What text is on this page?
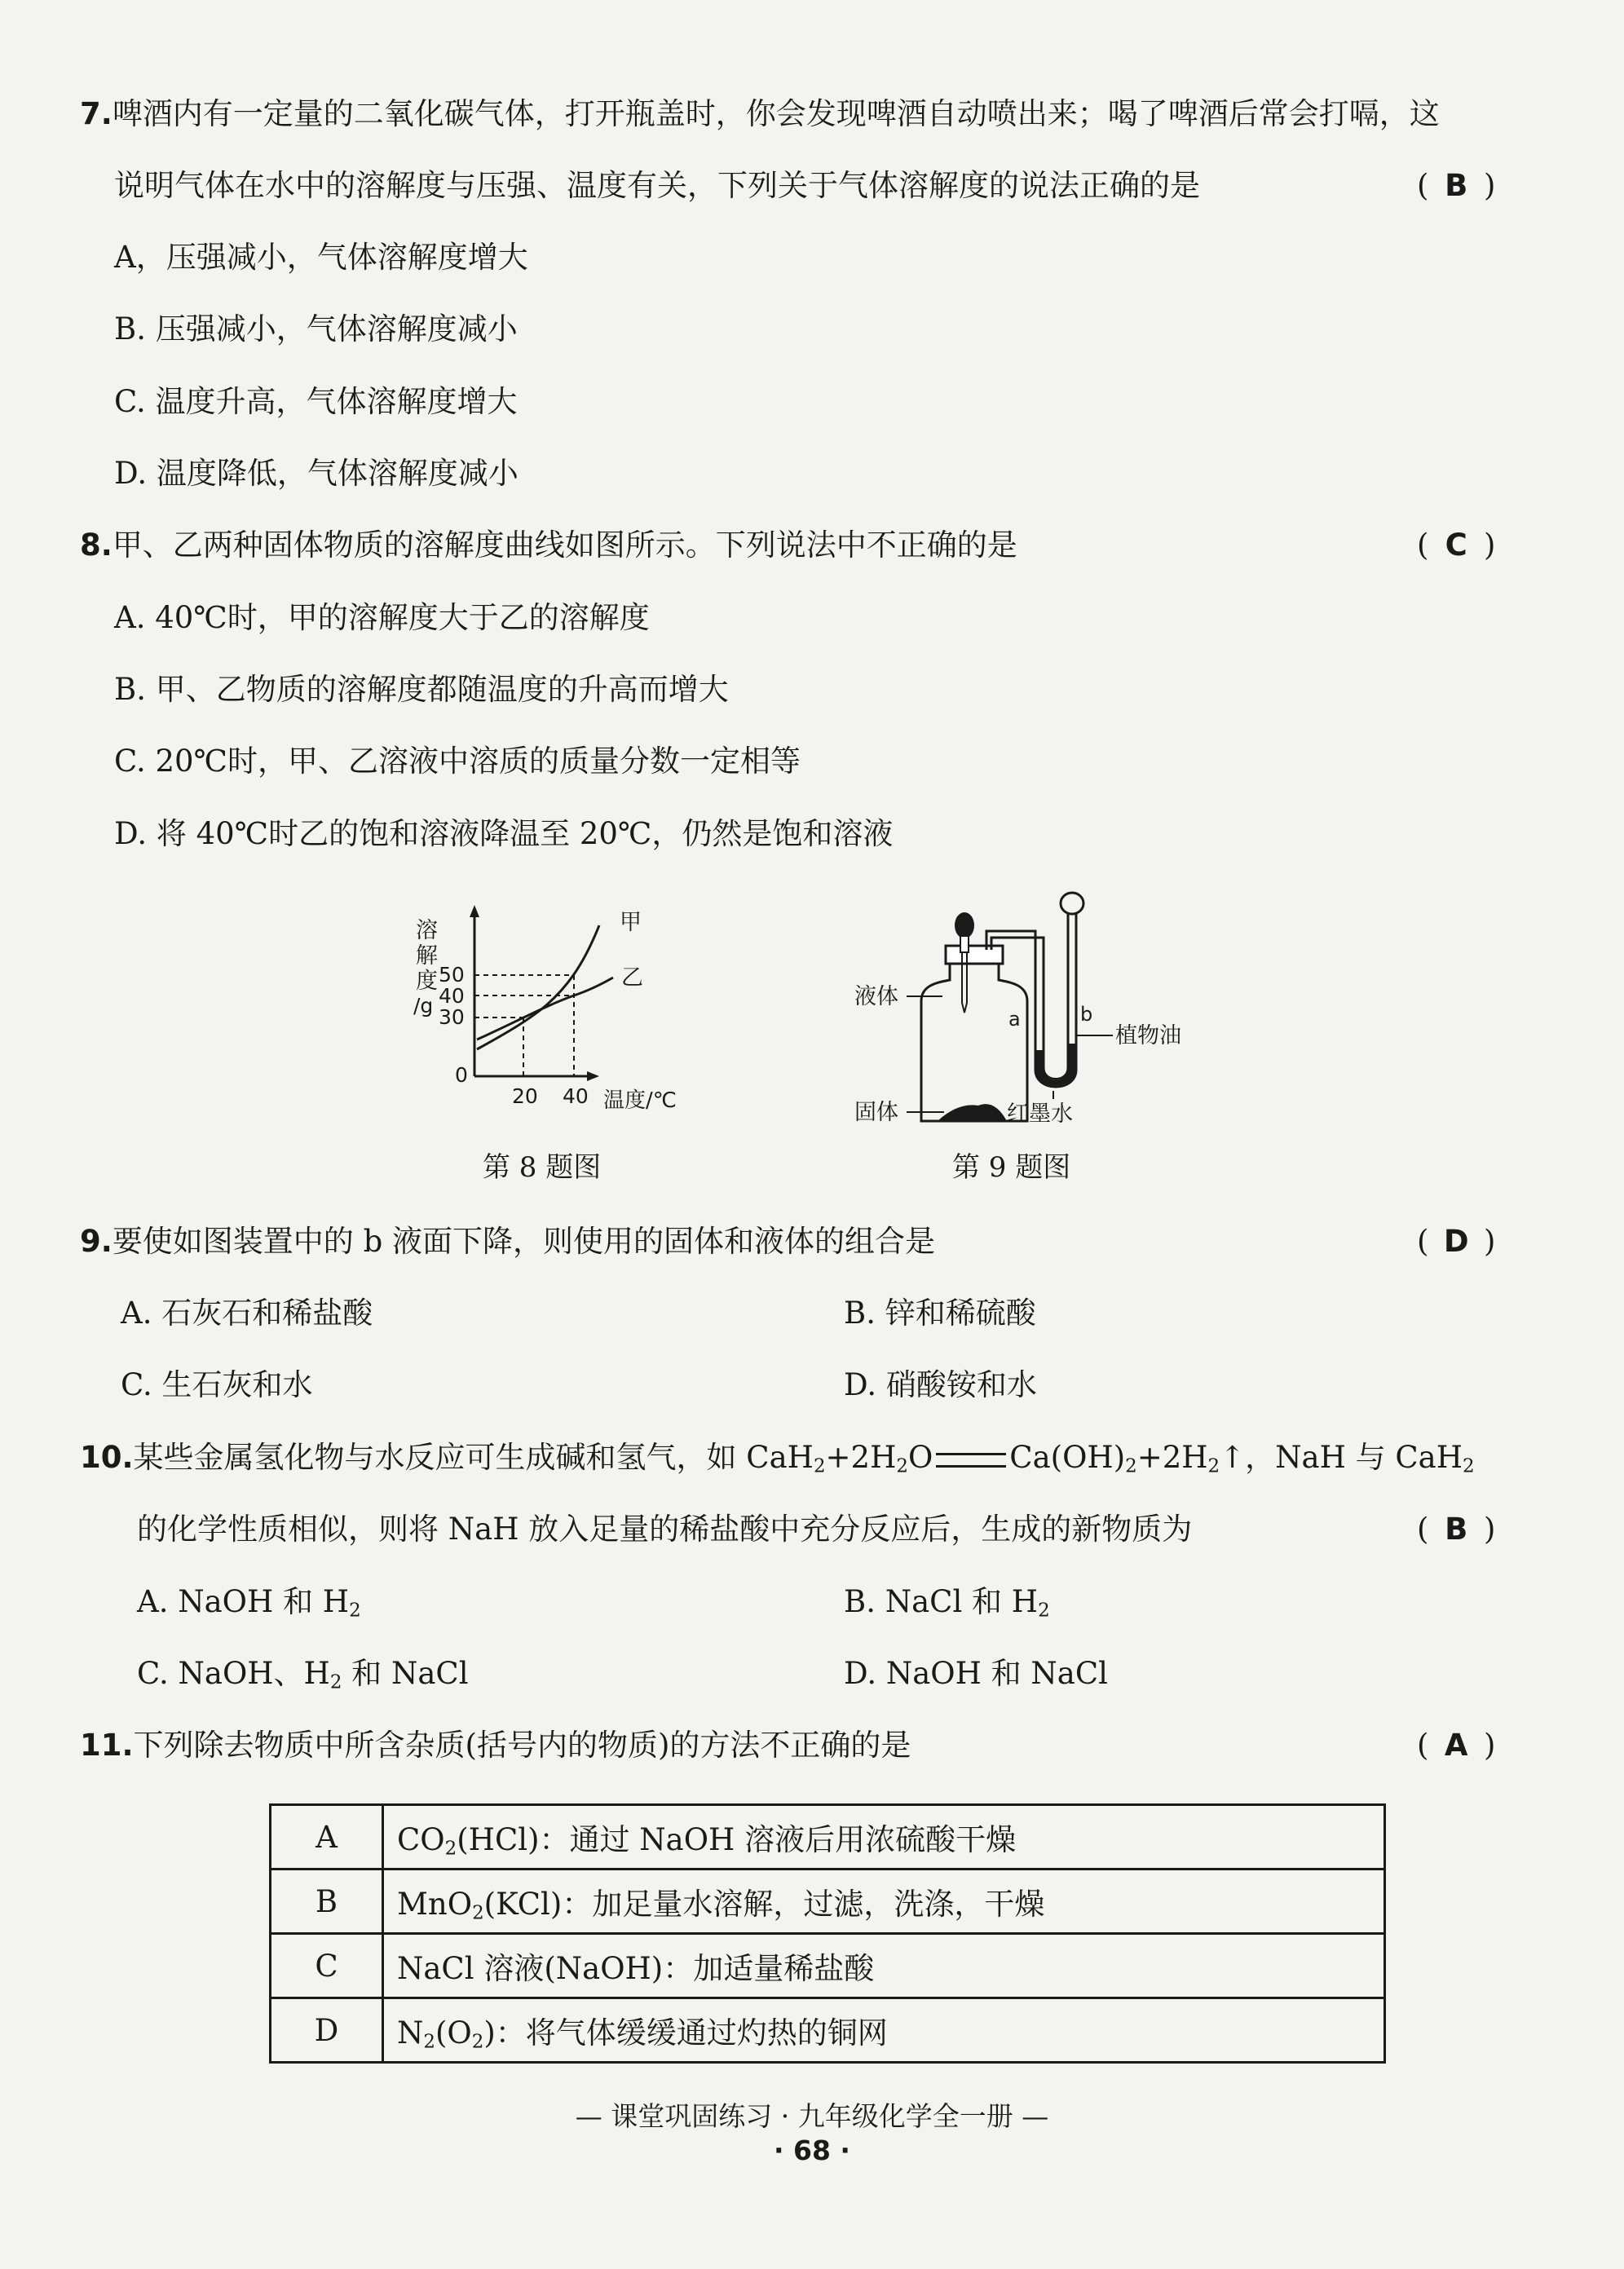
7.啤酒内有一定量的二氧化碳气体，打开瓶盖时，你会发现啤酒自动喷出来；喝了啤酒后常会打嗝，这
说明气体在水中的溶解度与压强、温度有关，下列关于气体溶解度的说法正确的是	( B )
A，压强减小，气体溶解度增大
B. 压强减小，气体溶解度减小
C. 温度升高，气体溶解度增大
D. 温度降低，气体溶解度减小
8.甲、乙两种固体物质的溶解度曲线如图所示。下列说法中不正确的是	( C )
A. 40℃时，甲的溶解度大于乙的溶解度
B. 甲、乙物质的溶解度都随温度的升高而增大
C. 20℃时，甲、乙溶液中溶质的质量分数一定相等
D. 将 40℃时乙的饱和溶液降温至 20℃，仍然是饱和溶液
溶
解
度
/g
50
40
30
0
20 40 温度/℃
甲
乙
第 8 题图
液体
固体
a	b
植物油
红墨水
第 9 题图
9.要使如图装置中的 b 液面下降，则使用的固体和液体的组合是	( D )
A. 石灰石和稀盐酸	B. 锌和稀硫酸
C. 生石灰和水	D. 硝酸铵和水
10.某些金属氢化物与水反应可生成碱和氢气，如 $CaH_2+2H_2O$	$Ca(OH)_2+2H_2↑$，NaH 与 CaH$_2$
的化学性质相似，则将 NaH 放入足量的稀盐酸中充分反应后，生成的新物质为	( B )
A. NaOH 和 $H_2$	B. NaCl 和 $H_2$
C. NaOH、$H_2$ 和 NaCl	D. NaOH 和 NaCl
11.下列除去物质中所含杂质(括号内的物质)的方法不正确的是	( A )
A	$CO_2(HCl)$：通过 NaOH 溶液后用浓硫酸干燥
B	MnO$_2$(KCl)：加足量水溶解，过滤，洗涤，干燥
C	NaCl 溶液(NaOH)：加适量稀盐酸
D	$N_2(O_2)$：将气体缓缓通过灼热的铜网
— 课堂巩固练习 · 九年级化学全一册 —
· 68 ·
